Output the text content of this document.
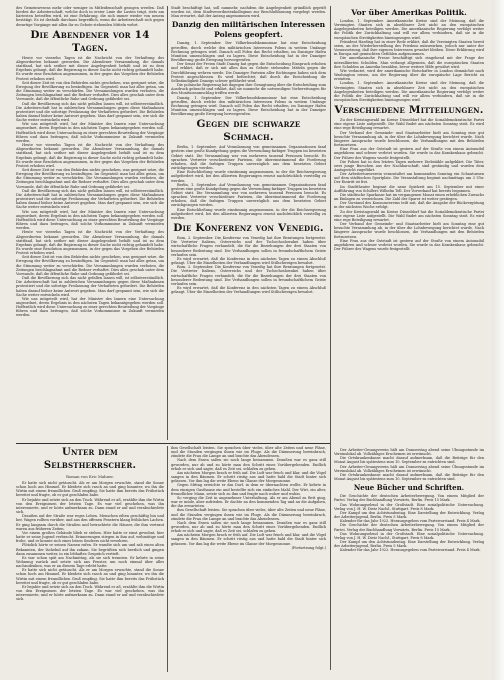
des Gemeinwesens mehr oder weniger in Mitleidenschaft gezogen werden. Daß hierbei die Arbeiterschaft, welche doch in erster Linie die Lasten trägt, stets am härtesten betroffen wird, ist eine Erfahrung, die sich immer wieder von neuem bestätigt. Es ist deshalb durchaus begreiflich, wenn die Arbeiterschaft sich gegen derartige Vorgänge mit allen ihr zu Gebote stehenden Mitteln wehrt.

Die Abendener vor 14 Tagen.

Heute vor vierzehn Tagen ist die Nachricht von der Verhaftung des Abgeordneten bekannt geworden. Die Abendener Versammlung, die damals stattfand, hat sich seither mit dieser Angelegenheit befaßt und ist zu dem Ergebnis gelangt, daß die Regierung in dieser Sache nicht richtig gehandelt habe. Es wurde eine Resolution angenommen, in der gegen das Vorgehen der Behörden Protest erhoben wird.

Seit dieser Zeit ist von den Behörden nichts geschehen, was geeignet wäre, die Erregung der Bevölkerung zu besänftigen. Im Gegenteil: man hat alles getan, um die Stimmung weiter zu verschärfen. Die Versammlungen wurden verboten, die Zeitungen beschlagnahmt und die Redner verhaftet. Dies alles geschah unter dem Vorwande, daß die öffentliche Ruhe und Ordnung gefährdet sei.

Daß die Bevölkerung sich das nicht gefallen lassen will, ist selbstverständlich. Die Arbeiterschaft hat in zahlreichen Versammlungen gegen diese Maßnahmen protestiert und die sofortige Freilassung der Verhafteten gefordert. Die Behörden haben darauf bisher keine Antwort gegeben. Man darf gespannt sein, wie sich die Sache weiter entwickeln wird.

Wie uns mitgeteilt wird, hat der Minister des Innern eine Untersuchung angeordnet, deren Ergebnis in den nächsten Tagen bekanntgegeben werden soll. Hoffentlich wird diese Untersuchung zu einer gerechten Beurteilung der Vorgänge führen und dazu beitragen, daß solche Vorkommnisse in Zukunft vermieden werden.

Heute vor vierzehn Tagen ist die Nachricht von der Verhaftung des Abgeordneten bekannt geworden. Die Abendener Versammlung, die damals stattfand, hat sich seither mit dieser Angelegenheit befaßt und ist zu dem Ergebnis gelangt, daß die Regierung in dieser Sache nicht richtig gehandelt habe. Es wurde eine Resolution angenommen, in der gegen das Vorgehen der Behörden Protest erhoben wird.

Seit dieser Zeit ist von den Behörden nichts geschehen, was geeignet wäre, die Erregung der Bevölkerung zu besänftigen. Im Gegenteil: man hat alles getan, um die Stimmung weiter zu verschärfen. Die Versammlungen wurden verboten, die Zeitungen beschlagnahmt und die Redner verhaftet. Dies alles geschah unter dem Vorwande, daß die öffentliche Ruhe und Ordnung gefährdet sei.

Daß die Bevölkerung sich das nicht gefallen lassen will, ist selbstverständlich. Die Arbeiterschaft hat in zahlreichen Versammlungen gegen diese Maßnahmen protestiert und die sofortige Freilassung der Verhafteten gefordert. Die Behörden haben darauf bisher keine Antwort gegeben. Man darf gespannt sein, wie sich die Sache weiter entwickeln wird.

Wie uns mitgeteilt wird, hat der Minister des Innern eine Untersuchung angeordnet, deren Ergebnis in den nächsten Tagen bekanntgegeben werden soll. Hoffentlich wird diese Untersuchung zu einer gerechten Beurteilung der Vorgänge führen und dazu beitragen, daß solche Vorkommnisse in Zukunft vermieden werden.

Heute vor vierzehn Tagen ist die Nachricht von der Verhaftung des Abgeordneten bekannt geworden. Die Abendener Versammlung, die damals stattfand, hat sich seither mit dieser Angelegenheit befaßt und ist zu dem Ergebnis gelangt, daß die Regierung in dieser Sache nicht richtig gehandelt habe. Es wurde eine Resolution angenommen, in der gegen das Vorgehen der Behörden Protest erhoben wird.

Seit dieser Zeit ist von den Behörden nichts geschehen, was geeignet wäre, die Erregung der Bevölkerung zu besänftigen. Im Gegenteil: man hat alles getan, um die Stimmung weiter zu verschärfen. Die Versammlungen wurden verboten, die Zeitungen beschlagnahmt und die Redner verhaftet. Dies alles geschah unter dem Vorwande, daß die öffentliche Ruhe und Ordnung gefährdet sei.

Daß die Bevölkerung sich das nicht gefallen lassen will, ist selbstverständlich. Die Arbeiterschaft hat in zahlreichen Versammlungen gegen diese Maßnahmen protestiert und die sofortige Freilassung der Verhafteten gefordert. Die Behörden haben darauf bisher keine Antwort gegeben. Man darf gespannt sein, wie sich die Sache weiter entwickeln wird.

Wie uns mitgeteilt wird, hat der Minister des Innern eine Untersuchung angeordnet, deren Ergebnis in den nächsten Tagen bekanntgegeben werden soll. Hoffentlich wird diese Untersuchung zu einer gerechten Beurteilung der Vorgänge führen und dazu beitragen, daß solche Vorkommnisse in Zukunft vermieden werden.

Stadt beschäftigt hat, soll nunmehr, nachdem die Angelegenheit gründlich geprüft worden ist, dem Stadtverordnetenkollegium zur Beschlußfassung vorgelegt werden. Man erwartet, daß der Antrag angenommen wird.

Danzig den militärischen Interessen Polens geopfert.

Danzig, 1. September. Der Völkerbundskommissar hat eine Entscheidung getroffen, durch welche den militärischen Interessen Polens in weitem Umfange Rechnung getragen wird. Danach soll Polen das Recht erhalten, im Danziger Hafen Munition umzuschlagen und zu lagern. Diese Entscheidung hat in der Danziger Bevölkerung große Erregung hervorgerufen.

Der Senat der Freien Stadt Danzig hat gegen die Entscheidung Einspruch erhoben und erklärt, daß er sich mit allen ihm zu Gebote stehenden Mitteln gegen die Durchführung wehren werde. Die Danziger Parteien aller Richtungen haben sich dem Protest angeschlossen. Es wird befürchtet, daß durch die Entscheidung die Selbständigkeit Danzigs schwer gefährdet wird.

Die polnische Regierung hat dagegen ihre Genugtuung über die Entscheidung zum Ausdruck gebracht und erklärt, daß sie nunmehr die notwendigen Vorbereitungen für den Munitionsumschlag treffen werde.

Danzig, 1. September. Der Völkerbundskommissar hat eine Entscheidung getroffen, durch welche den militärischen Interessen Polens in weitem Umfange Rechnung getragen wird. Danach soll Polen das Recht erhalten, im Danziger Hafen Munition umzuschlagen und zu lagern. Diese Entscheidung hat in der Danziger Bevölkerung große Erregung hervorgerufen.

Gegen die schwarze Schmach.

Berlin, 1. September. Auf Veranlassung von gemeinsamen Organisationen fand gestern eine große Kundgebung gegen die Verwendung farbiger Truppen im besetzten Gebiet statt. Die Versammlung war von mehreren tausend Personen besucht. Es sprachen Vertreter verschiedener Parteien, die übereinstimmend die Forderung erhoben, daß die farbigen Truppen unverzüglich aus dem besetzten Gebiet zurückgezogen werden.

Eine Entschließung wurde einstimmig angenommen, in der die Reichsregierung aufgefordert wird, bei den alliierten Regierungen erneut nachdrücklich vorstellig zu werden.

Berlin, 1. September. Auf Veranlassung von gemeinsamen Organisationen fand gestern eine große Kundgebung gegen die Verwendung farbiger Truppen im besetzten Gebiet statt. Die Versammlung war von mehreren tausend Personen besucht. Es sprachen Vertreter verschiedener Parteien, die übereinstimmend die Forderung erhoben, daß die farbigen Truppen unverzüglich aus dem besetzten Gebiet zurückgezogen werden.

Eine Entschließung wurde einstimmig angenommen, in der die Reichsregierung aufgefordert wird, bei den alliierten Regierungen erneut nachdrücklich vorstellig zu werden.

Die Konferenz von Venedig.

Rom, 2. September. Die Konferenz von Venedig hat ihre Beratungen fortgesetzt. Die Vertreter Italiens, Österreichs und der Tschechoslowakei haben über wirtschaftliche Fragen verhandelt, die für die Beziehungen der drei Staaten von besonderer Bedeutung sind. Die Verhandlungen sollen in freundschaftlichem Geiste verlaufen sein.

Es wird erwartet, daß die Konferenz in den nächsten Tagen zu einem Abschluß gelangt. Über die Einzelheiten der Verhandlungen wird Stillschweigen bewahrt.

Rom, 2. September. Die Konferenz von Venedig hat ihre Beratungen fortgesetzt. Die Vertreter Italiens, Österreichs und der Tschechoslowakei haben über wirtschaftliche Fragen verhandelt, die für die Beziehungen der drei Staaten von besonderer Bedeutung sind. Die Verhandlungen sollen in freundschaftlichem Geiste verlaufen sein.

Es wird erwartet, daß die Konferenz in den nächsten Tagen zu einem Abschluß gelangt. Über die Einzelheiten der Verhandlungen wird Stillschweigen bewahrt.

Vor über Amerikas Politik.

London, 1. September. Amerikanische Kreise sind der Meinung, daß die Vereinigten Staaten sich in absehbarer Zeit nicht an den europäischen Angelegenheiten beteiligen werden. Die amerikanische Regierung verfolgt weiter die Politik der Zurückhaltung und will vor allem verhindern, daß sie in die europäischen Streitigkeiten hineingezogen wird.

Präsident Harding hat in einer Rede erklärt, daß die Vereinigten Staaten bereit seien, an der Wiederherstellung des Friedens mitzuwirken, jedoch nur unter der Voraussetzung, daß ihre eigenen Interessen gewahrt bleiben. Diese Erklärung wird in Europa mit gemischten Gefühlen aufgenommen.

Die amerikanische Presse beschäftigt sich eingehend mit der Frage der interalliierten Schulden. Man verlangt allgemein, daß die europäischen Staaten ihre Schulden an Amerika bezahlen, bevor weitere Hilfe gewährt wird.

Wie verlautet, wird der amerikanische Botschafter in London demnächst nach Washington reisen, um der Regierung über die europäische Lage Bericht zu erstatten.

London, 1. September. Amerikanische Kreise sind der Meinung, daß die Vereinigten Staaten sich in absehbarer Zeit nicht an den europäischen Angelegenheiten beteiligen werden. Die amerikanische Regierung verfolgt weiter die Politik der Zurückhaltung und will vor allem verhindern, daß sie in die europäischen Streitigkeiten hineingezogen wird.

Verschiedene Mitteilungen.

Zu der Kreistagswahl im Kreise Düsseldorf hat die Sozialdemokratische Partei eine eigene Liste aufgestellt. Die Wahl findet am nächsten Sonntag statt. Es wird eine rege Beteiligung erwartet.

Der Verband der Gemeinde- und Staatsarbeiter hielt am Sonntag eine gut besuchte Versammlung ab, in der über die Lohnbewegung berichtet wurde. Nach längerer Aussprache wurde beschlossen, die Verhandlungen mit den Behörden fortzusetzen.

Eine Frau aus der Oststadt ist gestern auf der Straße von einem Automobil angefahren und schwer verletzt worden. Sie wurde in das Krankenhaus gebracht. Der Führer des Wagens wurde festgestellt.

Die Polizei hat in den letzten Tagen mehrere Diebstähle aufgeklärt. Die Täter, zwei junge Burschen aus der Nachbarschaft, sind geständig und wurden dem Amtsgericht zugeführt.

Der Arbeiterturnverein veranstaltet am kommenden Sonntag ein Schauturnen auf dem städtischen Sportplatz. Die Veranstaltung beginnt nachmittags um 3 Uhr. Der Eintritt ist frei.

Im Stadttheater beginnt die neue Spielzeit am 15. September mit einer Aufführung von Schillers Wilhelm Tell. Der Vorverkauf hat bereits begonnen.

Die städtische Sparkasse hat im vergangenen Monat einen erheblichen Zuwachs an Einlagen zu verzeichnen. Die Zahl der Sparer ist weiter gestiegen.

Der Vorstand des Konsumvereins teilt mit, daß die Ausgabe der Rückvergütung in der nächsten Woche erfolgt.

Zu der Kreistagswahl im Kreise Düsseldorf hat die Sozialdemokratische Partei eine eigene Liste aufgestellt. Die Wahl findet am nächsten Sonntag statt. Es wird eine rege Beteiligung erwartet.

Der Verband der Gemeinde- und Staatsarbeiter hielt am Sonntag eine gut besuchte Versammlung ab, in der über die Lohnbewegung berichtet wurde. Nach längerer Aussprache wurde beschlossen, die Verhandlungen mit den Behörden fortzusetzen.

Eine Frau aus der Oststadt ist gestern auf der Straße von einem Automobil angefahren und schwer verletzt worden. Sie wurde in das Krankenhaus gebracht. Der Führer des Wagens wurde festgestellt.

Unter dem Selbstherrscher.
Roman von Eric Mahner.

Er hatte sich nicht getäuscht. Als er am Morgen erwachte, stand die Sonne schon hoch am Himmel. Er kleidete sich rasch an und ging hinunter, wo ihn die Wirtin mit einem freundlichen Gruß empfing. Sie hatte ihm bereits das Frühstück bereitet und fragte, ob er gut geschlafen habe.

Er bejahte und setzte sich an den Tisch. Während er aß, erzählte ihm die Wirtin von den Ereignissen der letzten Tage. Es war viel geschehen, was ihn interessierte, und er hörte aufmerksam zu. Dann stand er auf und verabschiedete sich.

Draußen auf der Straße war reges Leben. Menschen eilten geschäftig hin und her, Wagen rollten vorüber, und aus den offenen Fenstern klang fröhliches Lachen. Er ging langsam durch die Straßen und betrachtete die Häuser, die ihm vertraut waren aus früheren Zeiten.

Vor einem großen Gebäude blieb er stehen. Hier hatte er einst gewohnt, hier hatte er seine Jugend verbracht. Erinnerungen stiegen in ihm auf, wehmütige und frohe, und er konnte sich eines leisen Seufzers nicht erwehren.

Plötzlich hörte er seinen Namen rufen. Er wandte sich um und sah einen alten Bekannten, der lächelnd auf ihn zukam. Sie begrüßten sich herzlich und gingen dann zusammen weiter, in ein lebhaftes Gespräch vertieft.

Es war schon spät am Nachmittag, als sie sich trennten. Er kehrte in seine Wohnung zurück und setzte sich ans Fenster, um noch einmal über alles nachzudenken, was er an diesem Tage erlebt hatte.

Er hatte sich nicht getäuscht. Als er am Morgen erwachte, stand die Sonne schon hoch am Himmel. Er kleidete sich rasch an und ging hinunter, wo ihn die Wirtin mit einem freundlichen Gruß empfing. Sie hatte ihm bereits das Frühstück bereitet und fragte, ob er gut geschlafen habe.

Er bejahte und setzte sich an den Tisch. Während er aß, erzählte ihm die Wirtin von den Ereignissen der letzten Tage. Es war viel geschehen, was ihn interessierte, und er hörte aufmerksam zu. Dann stand er auf und verabschiedete sich.

ihm Gesellschaft leisten. Sie sprachen über vieles, über alte Zeiten und neue Pläne, und die Stunden vergingen ihnen wie im Fluge. Als die Dämmerung hereinbrach, zündete die Frau die Lampe an und brachte das Abendessen.

Nach dem Essen saßen sie noch lange beisammen. Draußen war es ganz still geworden, nur ab und zu hörte man den Schritt eines Vorübergehenden. Endlich erhob er sich und sagte, daß es Zeit sei, schlafen zu gehen.

Am nächsten Morgen brach er früh auf. Die Luft war frisch und klar, und die Vögel sangen in den Bäumen. Er schritt rüstig aus und hatte bald die Stadt hinter sich gelassen. Vor ihm lag die weite Ebene im Glanze der Morgensonne.

Gegen Mittag erreichte er das Dorf, in dem er übernachten wollte. Er kehrte in dem einzigen Gasthause ein und bestellte sich ein einfaches Mahl. Der Wirt, ein alter, freundlicher Mann, setzte sich zu ihm und fragte nach woher und wohin.

So verging die Zeit in angenehmer Unterhaltung. Als er am Abend zu Bett ging, war er müde, aber zufrieden. Er dachte an den kommenden Tag und an die Aufgaben, die ihn erwarteten.

ihm Gesellschaft leisten. Sie sprachen über vieles, über alte Zeiten und neue Pläne, und die Stunden vergingen ihnen wie im Fluge. Als die Dämmerung hereinbrach, zündete die Frau die Lampe an und brachte das Abendessen.

Nach dem Essen saßen sie noch lange beisammen. Draußen war es ganz still geworden, nur ab und zu hörte man den Schritt eines Vorübergehenden. Endlich erhob er sich und sagte, daß es Zeit sei, schlafen zu gehen.

Am nächsten Morgen brach er früh auf. Die Luft war frisch und klar, und die Vögel sangen in den Bäumen. Er schritt rüstig aus und hatte bald die Stadt hinter sich gelassen. Vor ihm lag die weite Ebene im Glanze der Morgensonne.

(Fortsetzung folgt.)

Der Arbeiter-Gesangverein hält am Donnerstag abend seine Übungsstunde im Vereinslokal ab. Vollzähliges Erscheinen ist erwünscht.

Die Ortskrankenkasse macht darauf aufmerksam, daß die Beiträge für den Monat August bis spätestens zum 10. September zu entrichten sind.

Der Arbeiter-Gesangverein hält am Donnerstag abend seine Übungsstunde im Vereinslokal ab. Vollzähliges Erscheinen ist erwünscht.

Die Ortskrankenkasse macht darauf aufmerksam, daß die Beiträge für den Monat August bis spätestens zum 10. September zu entrichten sind.

Neue Bücher und Schriften.

Die Geschichte der deutschen Arbeiterbewegung. Von einem Mitglied der Partei. Verlag der Buchhandlung Vorwärts, Berlin. Preis 15 Mark.

Das Wohnungselend in der Großstadt. Eine sozialpolitische Untersuchung. Verlag von J. H. W. Dietz Nachf., Stuttgart. Preis 8 Mark.

Der Kampf um den Achtstundentag. Eine Darstellung der Entwicklung. Verlag der Arbeiterjugend, Berlin. Preis 5 Mark.

Kalender für das Jahr 1922. Herausgegeben vom Parteivorstand. Preis 4 Mark.

Die Geschichte der deutschen Arbeiterbewegung. Von einem Mitglied der Partei. Verlag der Buchhandlung Vorwärts, Berlin. Preis 15 Mark.

Das Wohnungselend in der Großstadt. Eine sozialpolitische Untersuchung. Verlag von J. H. W. Dietz Nachf., Stuttgart. Preis 8 Mark.

Der Kampf um den Achtstundentag. Eine Darstellung der Entwicklung. Verlag der Arbeiterjugend, Berlin. Preis 5 Mark.

Kalender für das Jahr 1922. Herausgegeben vom Parteivorstand. Preis 4 Mark.
